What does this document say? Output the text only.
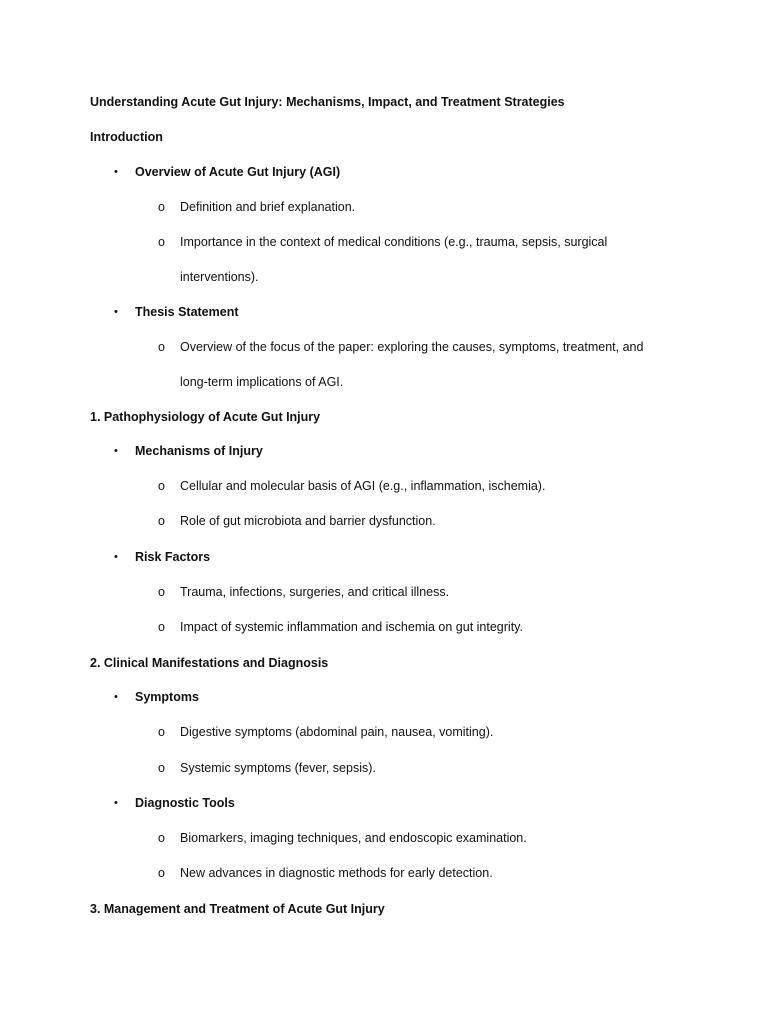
Understanding Acute Gut Injury: Mechanisms, Impact, and Treatment Strategies
Introduction
• Overview of Acute Gut Injury (AGI)
o Definition and brief explanation.
o Importance in the context of medical conditions (e.g., trauma, sepsis, surgical
interventions).
• Thesis Statement
o Overview of the focus of the paper: exploring the causes, symptoms, treatment, and
long-term implications of AGI.
1. Pathophysiology of Acute Gut Injury
• Mechanisms of Injury
o Cellular and molecular basis of AGI (e.g., inflammation, ischemia).
o Role of gut microbiota and barrier dysfunction.
• Risk Factors
o Trauma, infections, surgeries, and critical illness.
o Impact of systemic inflammation and ischemia on gut integrity.
2. Clinical Manifestations and Diagnosis
• Symptoms
o Digestive symptoms (abdominal pain, nausea, vomiting).
o Systemic symptoms (fever, sepsis).
• Diagnostic Tools
o Biomarkers, imaging techniques, and endoscopic examination.
o New advances in diagnostic methods for early detection.
3. Management and Treatment of Acute Gut Injury
